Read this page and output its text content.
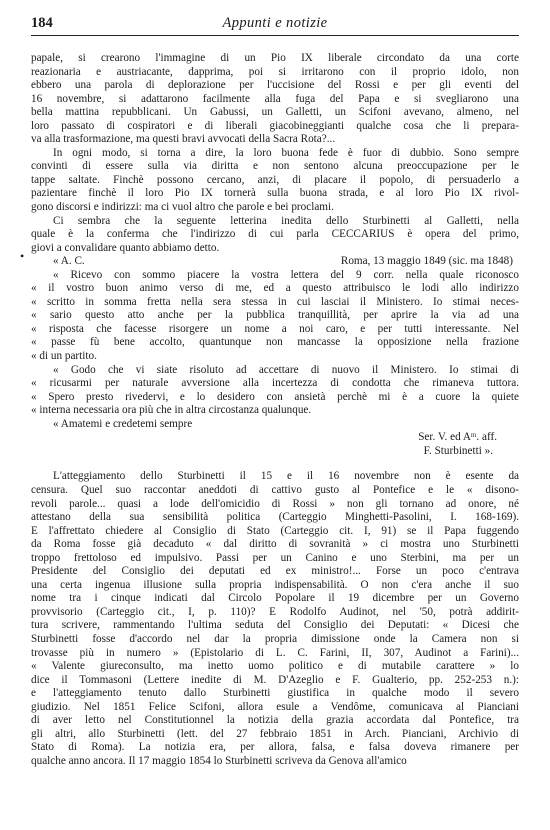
184	Appunti e notizie
•
papale, si crearono l'immagine di un Pio IX liberale circondato da una corte
reazionaria e austriacante, dapprima, poi si irritarono con il proprio idolo, non
ebbero una parola di deplorazione per l'uccisione del Rossi e per gli eventi del
16 novembre, si adattarono facilmente alla fuga del Papa e si svegliarono una
bella mattina repubblicani. Un Gabussi, un Galletti, un Scifoni avevano, almeno, nel
loro passato di cospiratori e di liberali giacobineggianti qualche cosa che li prepara-
va alla trasformazione, ma questi bravi avvocati della Sacra Rota?...
In ogni modo, si torna a dire, la loro buona fede è fuor di dubbio. Sono sempre
convinti di essere sulla via diritta e non sentono alcuna preoccupazione per le
tappe saltate. Finchè possono cercano, anzi, di placare il popolo, di persuaderlo a
pazientare finchè il loro Pio IX tornerà sulla buona strada, e al loro Pio IX rivol-
gono discorsi e indirizzi: ma ci vuol altro che parole e bei proclami.
Ci sembra che la seguente letterina inedita dello Sturbinetti al Galletti, nella
quale è la conferma che l'indirizzo di cui parla CECCARIUS è opera del primo,
giovi a convalidare quanto abbiamo detto.
« A. C.	Roma, 13 maggio 1849 (sic. ma 1848)
« Ricevo con sommo piacere la vostra lettera del 9 corr. nella quale riconosco
« il vostro buon animo verso di me, ed a questo attribuisco le lodi allo indirizzo
« scritto in somma fretta nella sera stessa in cui lasciai il Ministero. Io stimai neces-
« sario questo atto anche per la pubblica tranquillità, per aprire la via ad una
« risposta che facesse risorgere un nome a noi caro, e per tutti interessante. Nel
« passe fù bene accolto, quantunque non mancasse la opposizione nella frazione
« di un partito.
« Godo che vi siate risoluto ad accettare di nuovo il Ministero. Io stimai di
« ricusarmi per naturale avversione alla incertezza di condotta che rimaneva tuttora.
« Spero presto rivedervi, e lo desidero con ansietà perchè mi è a cuore la quiete
« interna necessaria ora più che in altra circostanza qualunque.
« Amatemi e credetemi sempre
Ser. V. ed Aᵐ. aff.
F. Sturbinetti ».
L'atteggiamento dello Sturbinetti il 15 e il 16 novembre non è esente da
censura. Quel suo raccontar aneddoti di cattivo gusto al Pontefice e le « disono-
revoli parole... quasi a lode dell'omicidio di Rossi » non gli tornano ad onore, né
attestano della sua sensibilità politica (Carteggio Minghetti-Pasolini, I. 168-169).
E l'affrettato chiedere al Consiglio di Stato (Carteggio cit. I, 91) se il Papa fuggendo
da Roma fosse già decaduto « dal diritto di sovranità » ci mostra uno Sturbinetti
troppo frettoloso ed impulsivo. Passi per un Canino e uno Sterbini, ma per un
Presidente del Consiglio dei deputati ed ex ministro!... Forse un poco c'entrava
una certa ingenua illusione sulla propria indispensabilità. O non c'era anche il suo
nome tra i cinque indicati dal Circolo Popolare il 19 dicembre per un Governo
provvisorio (Carteggio cit., I, p. 110)? E Rodolfo Audinot, nel '50, potrà addirit-
tura scrivere, rammentando l'ultima seduta del Consiglio dei Deputati: « Dicesi che
Sturbinetti fosse d'accordo nel dar la propria dimissione onde la Camera non si
trovasse più in numero » (Epistolario di L. C. Farini, II, 307, Audinot a Farini)...
« Valente giureconsulto, ma inetto uomo politico e di mutabile carattere » lo
dice il Tommasoni (Lettere inedite di M. D'Azeglio e F. Gualterio, pp. 252-253 n.):
e l'atteggiamento tenuto dallo Sturbinetti giustifica in qualche modo il severo
giudizio. Nel 1851 Felice Scifoni, allora esule a Vendôme, comunicava al Pianciani
di aver letto nel Constitutionnel la notizia della grazia accordata dal Pontefice, tra
gli altri, allo Sturbinetti (lett. del 27 febbraio 1851 in Arch. Pianciani, Archivio di
Stato di Roma). La notizia era, per allora, falsa, e falsa doveva rimanere per
qualche anno ancora. Il 17 maggio 1854 lo Sturbinetti scriveva da Genova all'amico
